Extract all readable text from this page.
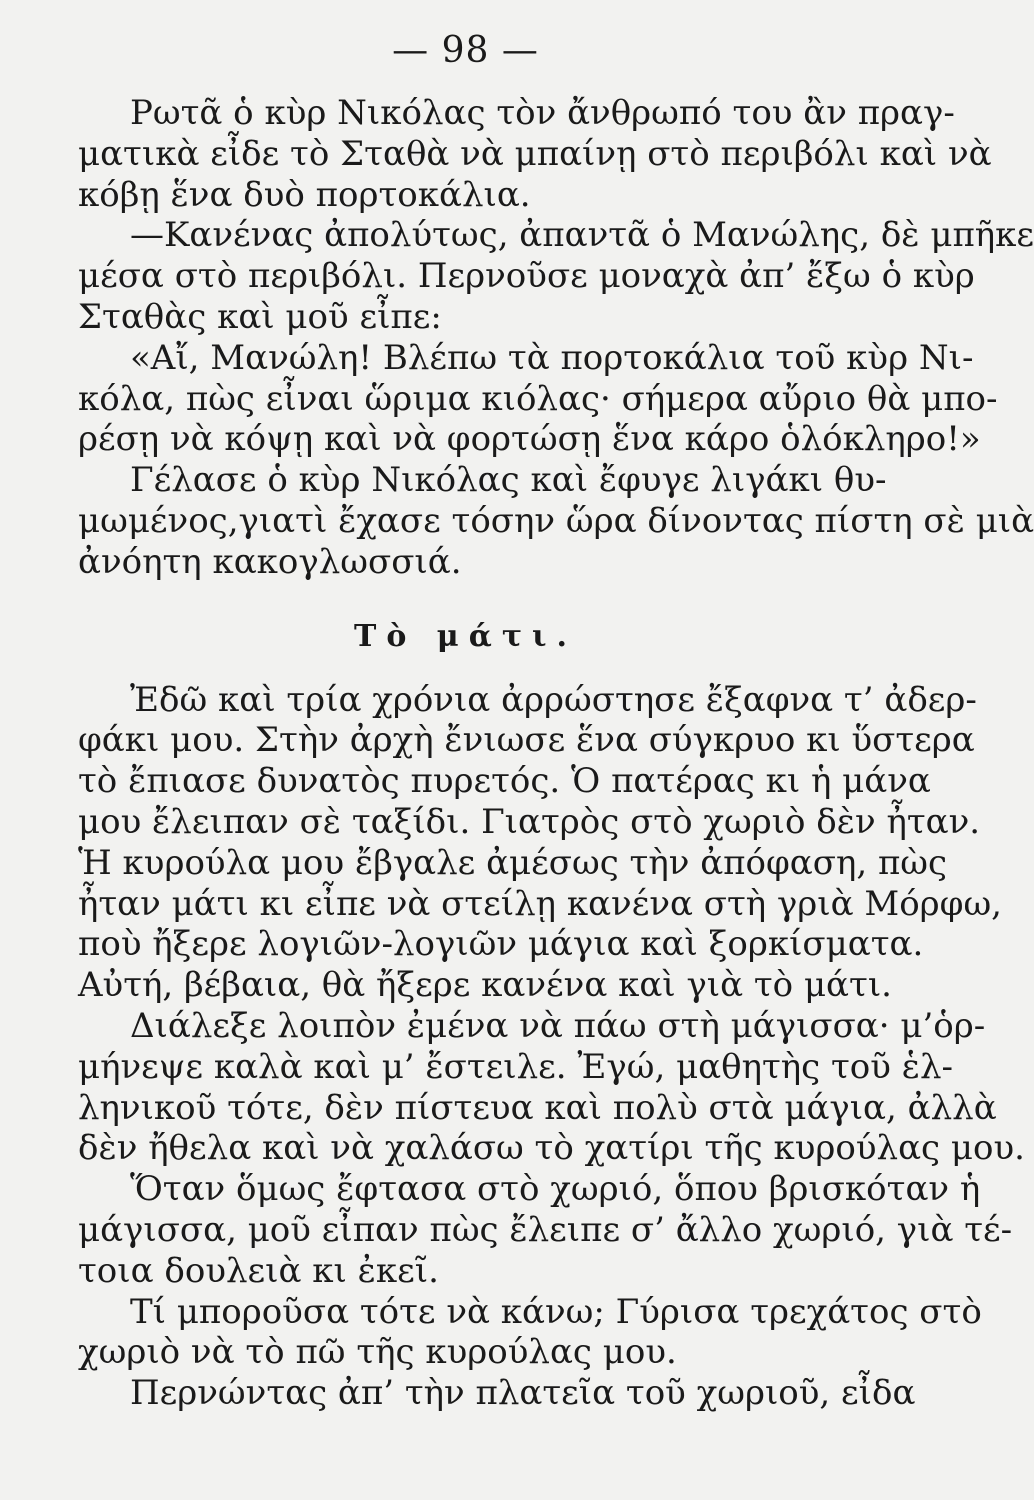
— 98 —

Ρωτᾶ ὁ κὺρ Νικόλας τὸν ἄνθρωπό του ἂν πραγ-
ματικὰ εἶδε τὸ Σταθὰ νὰ μπαίνῃ στὸ περιβόλι καὶ νὰ
κόβῃ ἕνα δυὸ πορτοκάλια.

—Κανένας ἀπολύτως, ἀπαντᾶ ὁ Μανώλης, δὲ μπῆκε
μέσα στὸ περιβόλι. Περνοῦσε μοναχὰ ἀπ’ ἔξω ὁ κὺρ
Σταθὰς καὶ μοῦ εἶπε:

«Αἴ, Μανώλη! Βλέπω τὰ πορτοκάλια τοῦ κὺρ Νι-
κόλα, πὼς εἶναι ὥριμα κιόλας· σήμερα αὔριο θὰ μπο-
ρέσῃ νὰ κόψῃ καὶ νὰ φορτώσῃ ἕνα κάρο ὁλόκληρο!»

Γέλασε ὁ κὺρ Νικόλας καὶ ἔφυγε λιγάκι θυ-
μωμένος,γιατὶ ἔχασε τόσην ὥρα δίνοντας πίστη σὲ μιὰ
ἀνόητη κακογλωσσιά.

Τὸ μάτι.

Ἐδῶ καὶ τρία χρόνια ἀρρώστησε ἔξαφνα τ’ ἀδερ-
φάκι μου. Στὴν ἀρχὴ ἔνιωσε ἕνα σύγκρυο κι ὕστερα
τὸ ἔπιασε δυνατὸς πυρετός. Ὁ πατέρας κι ἡ μάνα
μου ἔλειπαν σὲ ταξίδι. Γιατρὸς στὸ χωριὸ δὲν ἦταν.
Ἡ κυρούλα μου ἔβγαλε ἀμέσως τὴν ἀπόφαση, πὼς
ἦταν μάτι κι εἶπε νὰ στείλῃ κανένα στὴ γριὰ Μόρφω,
ποὺ ἤξερε λογιῶν-λογιῶν μάγια καὶ ξορκίσματα.
Αὐτή, βέβαια, θὰ ἤξερε κανένα καὶ γιὰ τὸ μάτι.

Διάλεξε λοιπὸν ἐμένα νὰ πάω στὴ μάγισσα· μ’ὁρ-
μήνεψε καλὰ καὶ μ’ ἔστειλε. Ἐγώ, μαθητὴς τοῦ ἑλ-
ληνικοῦ τότε, δὲν πίστευα καὶ πολὺ στὰ μάγια, ἀλλὰ
δὲν ἤθελα καὶ νὰ χαλάσω τὸ χατίρι τῆς κυρούλας μου.

Ὅταν ὅμως ἔφτασα στὸ χωριό, ὅπου βρισκόταν ἡ
μάγισσα, μοῦ εἶπαν πὼς ἔλειπε σ’ ἄλλο χωριό, γιὰ τέ-
τοια δουλειὰ κι ἐκεῖ.

Τί μποροῦσα τότε νὰ κάνω; Γύρισα τρεχάτος στὸ
χωριὸ νὰ τὸ πῶ τῆς κυρούλας μου.

Περνώντας ἀπ’ τὴν πλατεῖα τοῦ χωριοῦ, εἶδα
